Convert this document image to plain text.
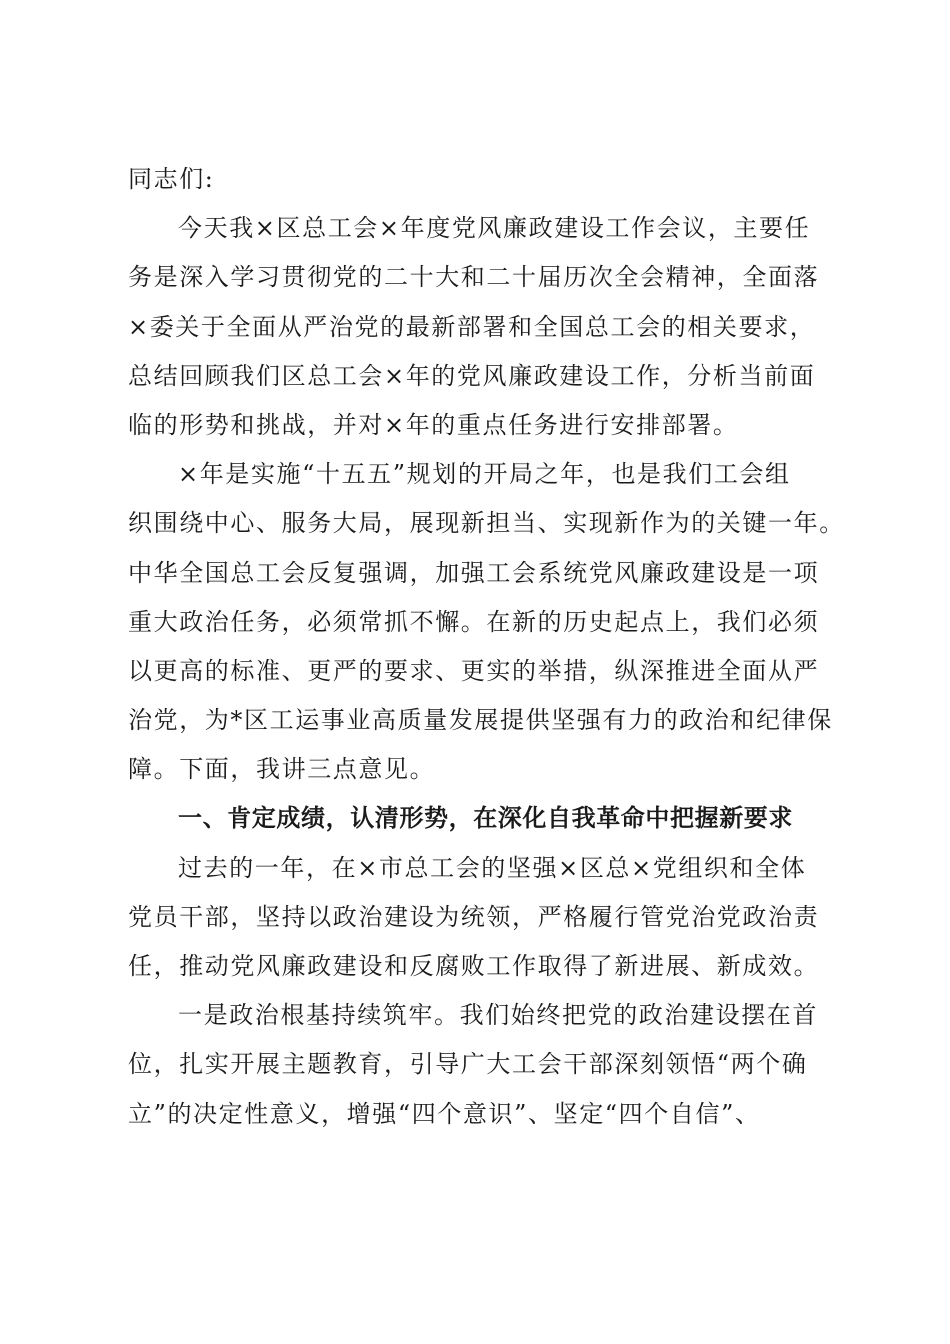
同志们:
今天我×区总工会×年度党风廉政建设工作会议，主要任
务是深入学习贯彻党的二十大和二十届历次全会精神，全面落
×委关于全面从严治党的最新部署和全国总工会的相关要求，
总结回顾我们区总工会×年的党风廉政建设工作，分析当前面
临的形势和挑战，并对×年的重点任务进行安排部署。
×年是实施“十五五”规划的开局之年，也是我们工会组
织围绕中心、服务大局，展现新担当、实现新作为的关键一年。
中华全国总工会反复强调，加强工会系统党风廉政建设是一项
重大政治任务，必须常抓不懈。在新的历史起点上，我们必须
以更高的标准、更严的要求、更实的举措，纵深推进全面从严
治党，为*区工运事业高质量发展提供坚强有力的政治和纪律保
障。下面，我讲三点意见。
一、肯定成绩，认清形势，在深化自我革命中把握新要求
过去的一年，在×市总工会的坚强×区总×党组织和全体
党员干部，坚持以政治建设为统领，严格履行管党治党政治责
任，推动党风廉政建设和反腐败工作取得了新进展、新成效。
一是政治根基持续筑牢。我们始终把党的政治建设摆在首
位，扎实开展主题教育，引导广大工会干部深刻领悟“两个确
立”的决定性意义，增强“四个意识”、坚定“四个自信”、
